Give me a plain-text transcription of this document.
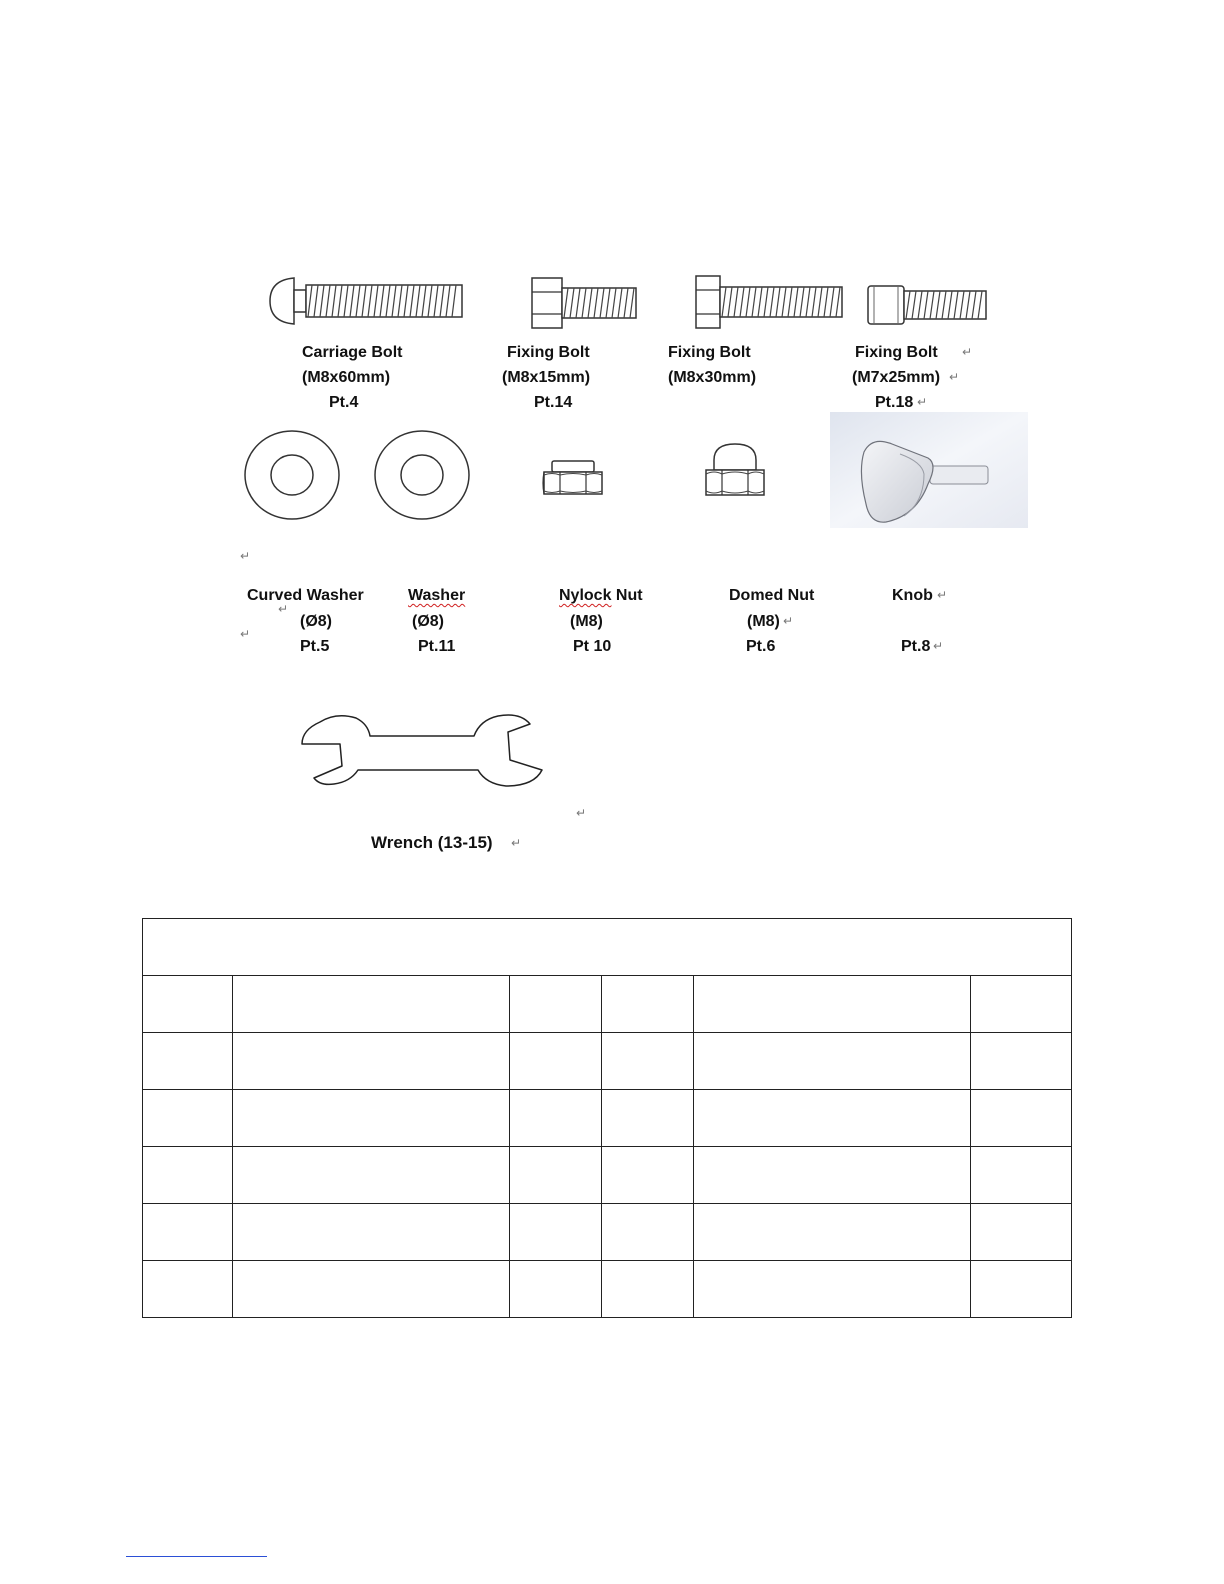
Carriage Bolt
(M8x60mm)
Pt.4
Fixing Bolt
(M8x15mm)
Pt.14
Fixing Bolt
(M8x30mm)
Fixing Bolt ↵
(M7x25mm) ↵
Pt.18 ↵
↵
↵
↵
Curved Washer
(Ø8)
Pt.5
Washer
(Ø8)
Pt.11
Nylock Nut
(M8)
Pt 10
Domed Nut
(M8) ↵
Pt.6
Knob ↵
Pt.8 ↵
↵
Wrench (13-15) ↵
